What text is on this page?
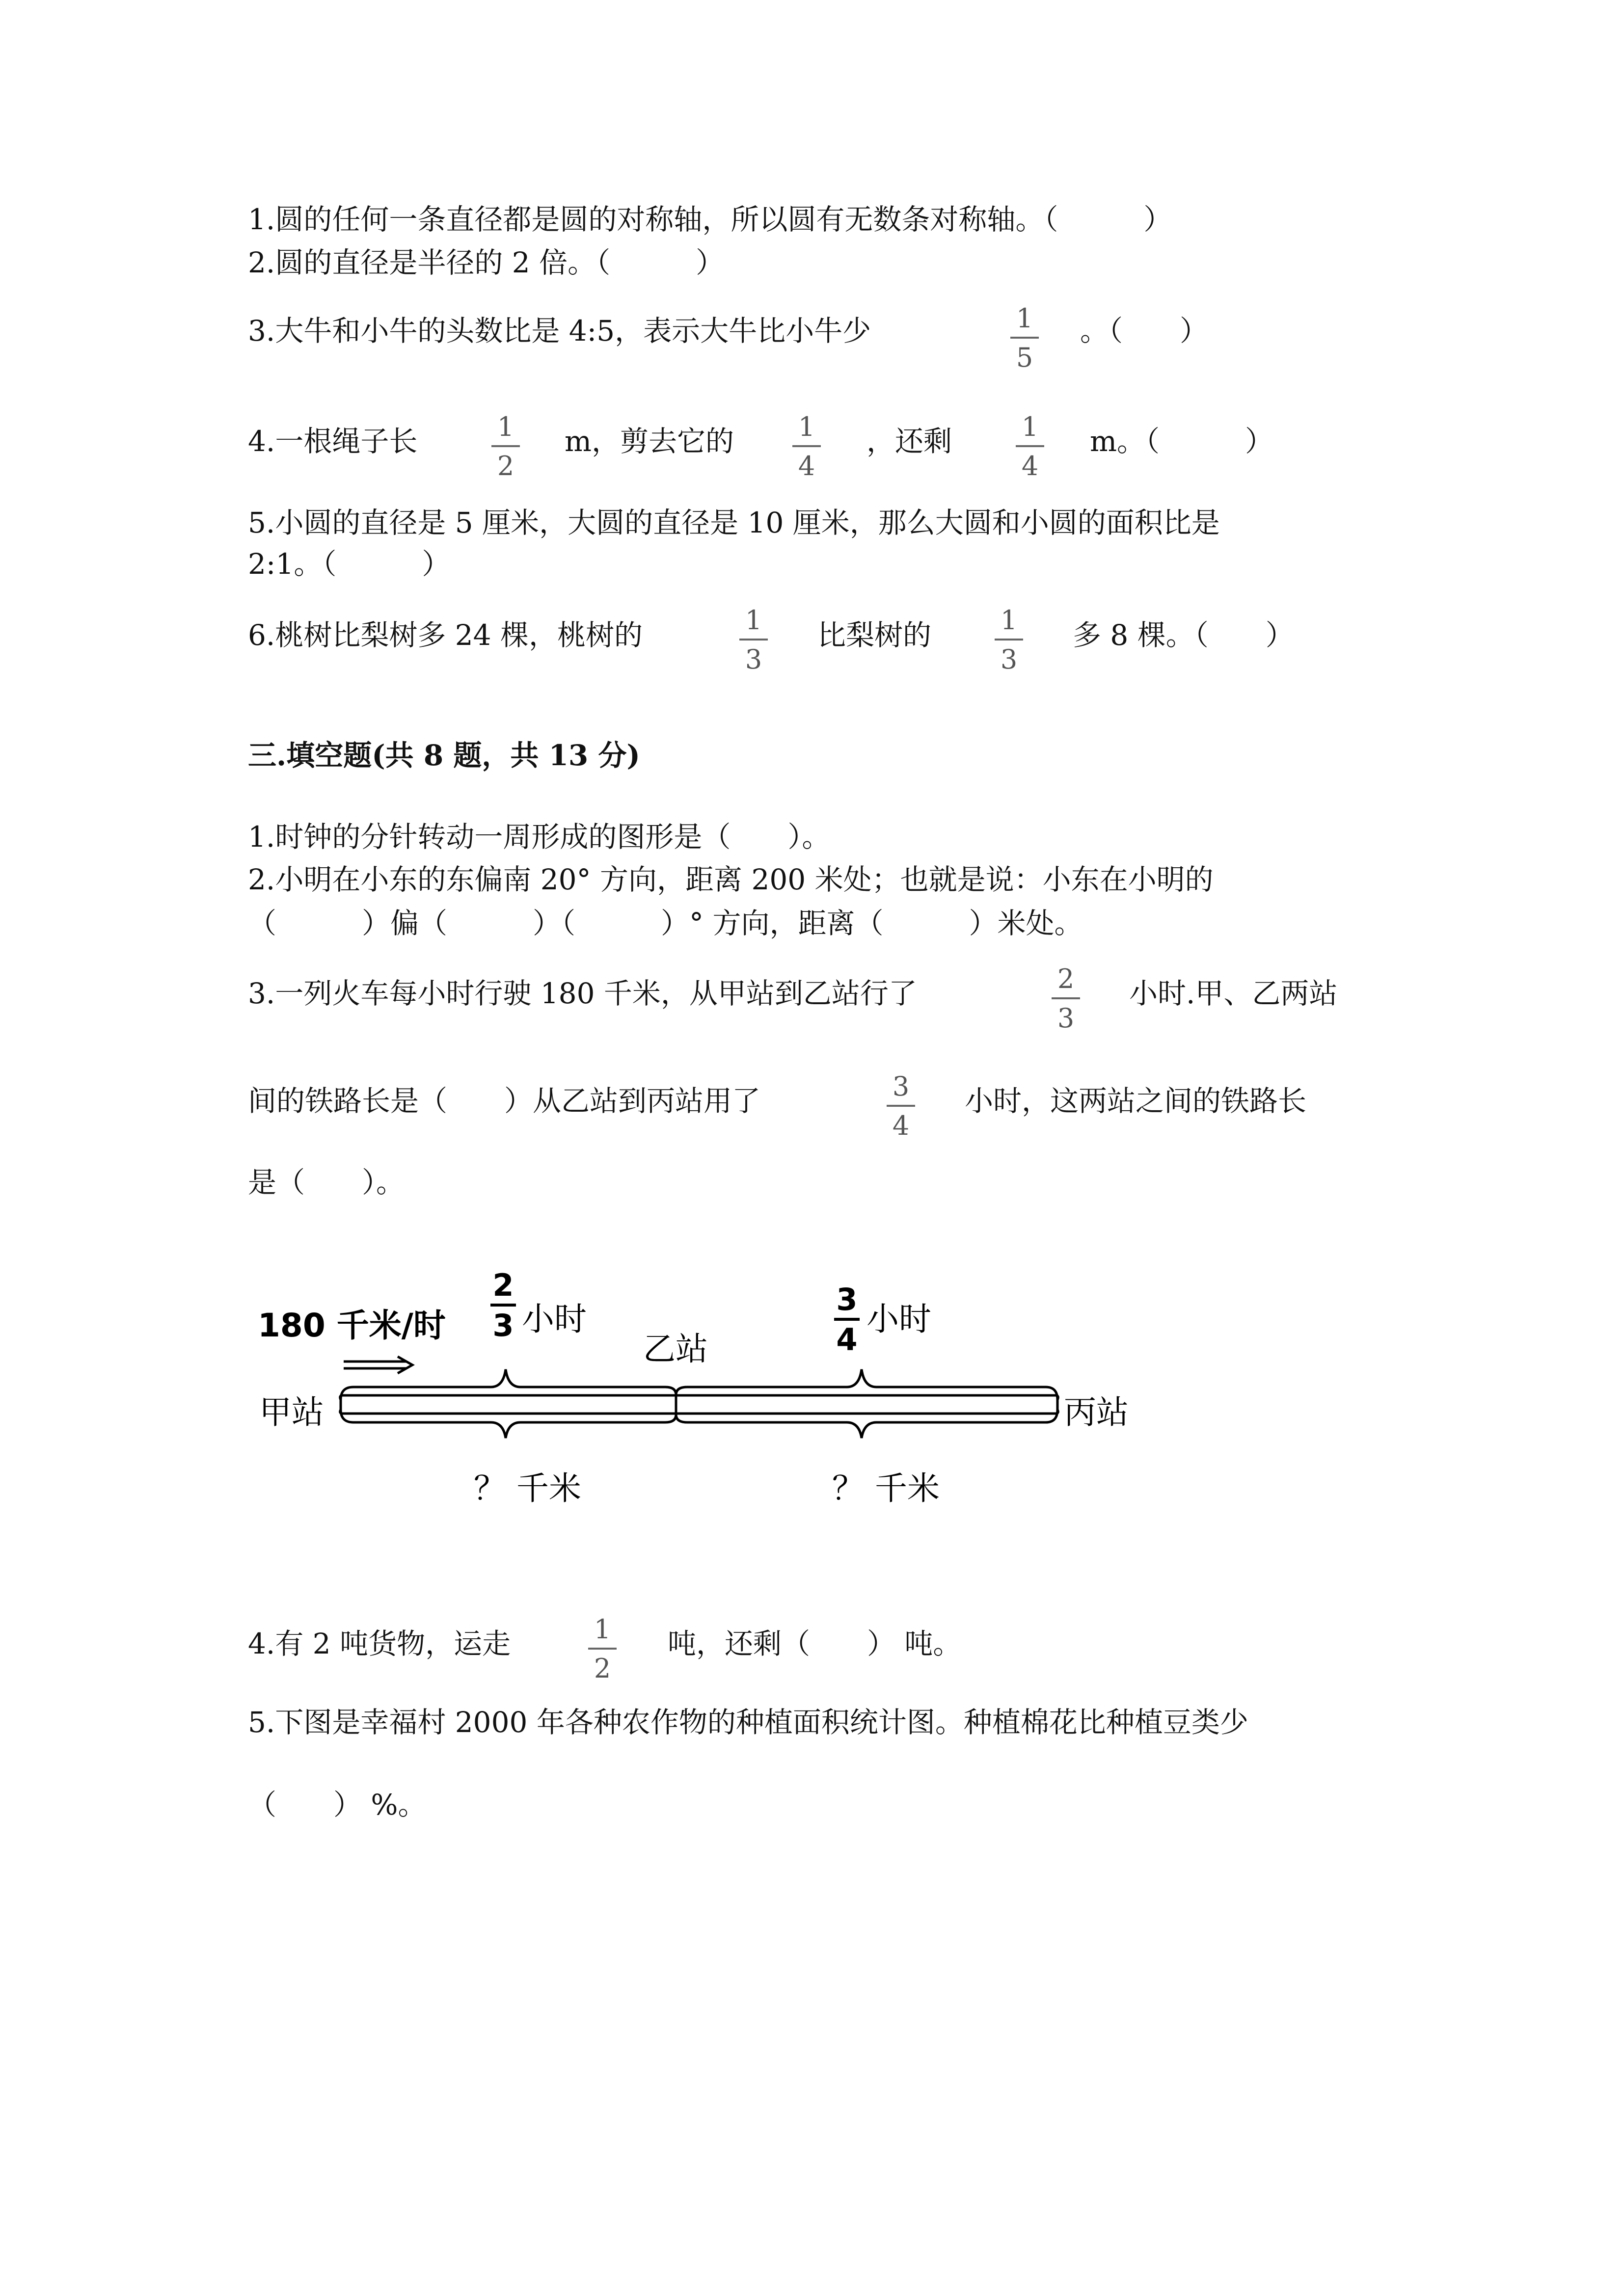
1.圆的任何一条直径都是圆的对称轴，所以圆有无数条对称轴。（　　　）
2.圆的直径是半径的 2 倍。（　　　）
3.大牛和小牛的头数比是 4:5，表示大牛比小牛少	1
5
。（　　）
4.一根绳子长	1
2
m，剪去它的	1
4
，还剩	1
4
m。（　　　）
5.小圆的直径是 5 厘米，大圆的直径是 10 厘米，那么大圆和小圆的面积比是
2:1。（　　　）
6.桃树比梨树多 24 棵，桃树的	1
3
比梨树的	1
3
多 8 棵。（　　）
三.填空题(共 8 题，共 13 分)
1.时钟的分针转动一周形成的图形是（　　）。
2.小明在小东的东偏南 20° 方向，距离 200 米处；也就是说：小东在小明的
（　　　）偏（　　　）（　　　）° 方向，距离（　　　）米处。
3.一列火车每小时行驶 180 千米，从甲站到乙站行了	2
3
小时.甲、乙两站
间的铁路长是（　　）从乙站到丙站用了	3
4
小时，这两站之间的铁路长
是（　　）。
180 千米/时
2
3 小时
3
4
小时
乙站
甲站	丙站
？ 千米	？ 千米
4.有 2 吨货物，运走	1
2
吨，还剩（　　） 吨。
5.下图是幸福村 2000 年各种农作物的种植面积统计图。种植棉花比种植豆类少
（　　） %。
